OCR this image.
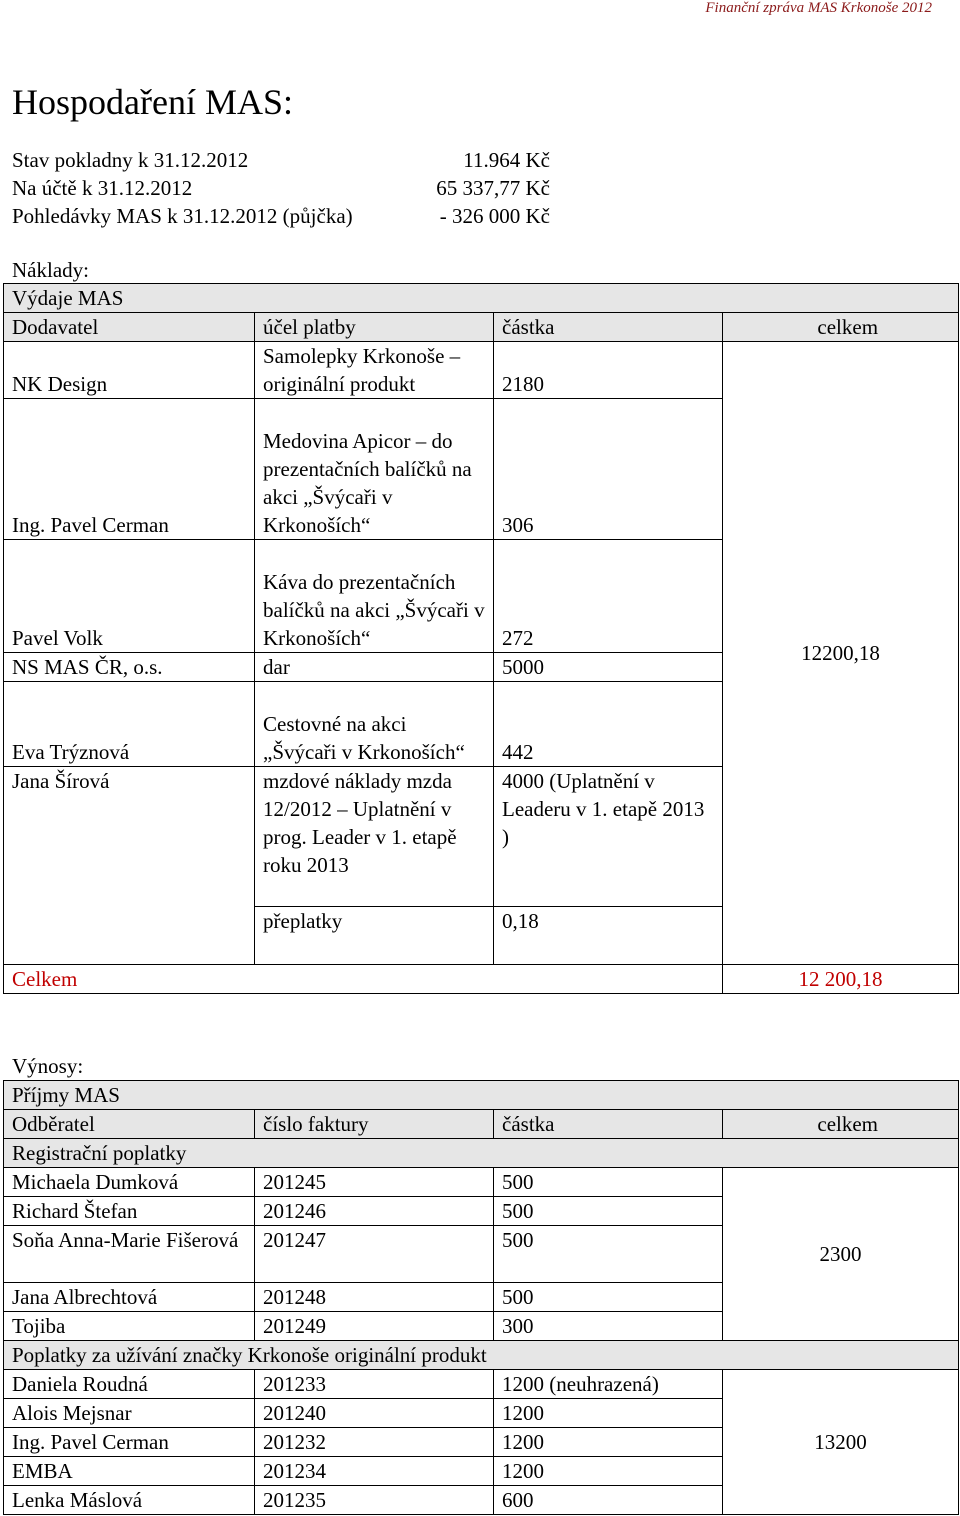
Finanční zpráva MAS Krkonoše 2012
Hospodaření MAS:
Stav pokladny k 31.12.2012	11.964 Kč
Na účtě k 31.12.2012	65 337,77 Kč
Pohledávky MAS k 31.12.2012 (půjčka)	- 326 000 Kč
Náklady:
Výdaje MAS			
Dodavatel	účel platby	částka	celkem
NK Design	Samolepky Krkonoše – originální produkt	2180	12200,18
Ing. Pavel Cerman	Medovina Apicor – do prezentačních balíčků na akci „Švýcaři v Krkonoších“	306	
Pavel Volk	Káva do prezentačních balíčků na akci „Švýcaři v Krkonoších“	272	
NS MAS ČR, o.s.	dar	5000	
Eva Trýznová	Cestovné na akci „Švýcaři v Krkonoších“	442	
Jana Šírová	mzdové náklady mzda 12/2012 – Uplatnění v prog. Leader v 1. etapě roku 2013	4000 (Uplatnění v Leaderu v 1. etapě 2013 )	
	přeplatky	0,18	
Celkem			12 200,18
Výnosy:
Příjmy MAS			
Odběratel	číslo faktury	částka	celkem
Registrační poplatky			
Michaela Dumková	201245	500	2300
Richard Štefan	201246	500	
Soňa Anna-Marie Fišerová	201247	500	
Jana Albrechtová	201248	500	
Tojiba	201249	300	
Poplatky za užívání značky Krkonoše originální produkt			
Daniela Roudná	201233	1200 (neuhrazená)	13200
Alois Mejsnar	201240	1200	
Ing. Pavel Cerman	201232	1200	
EMBA	201234	1200	
Lenka Máslová	201235	600	
